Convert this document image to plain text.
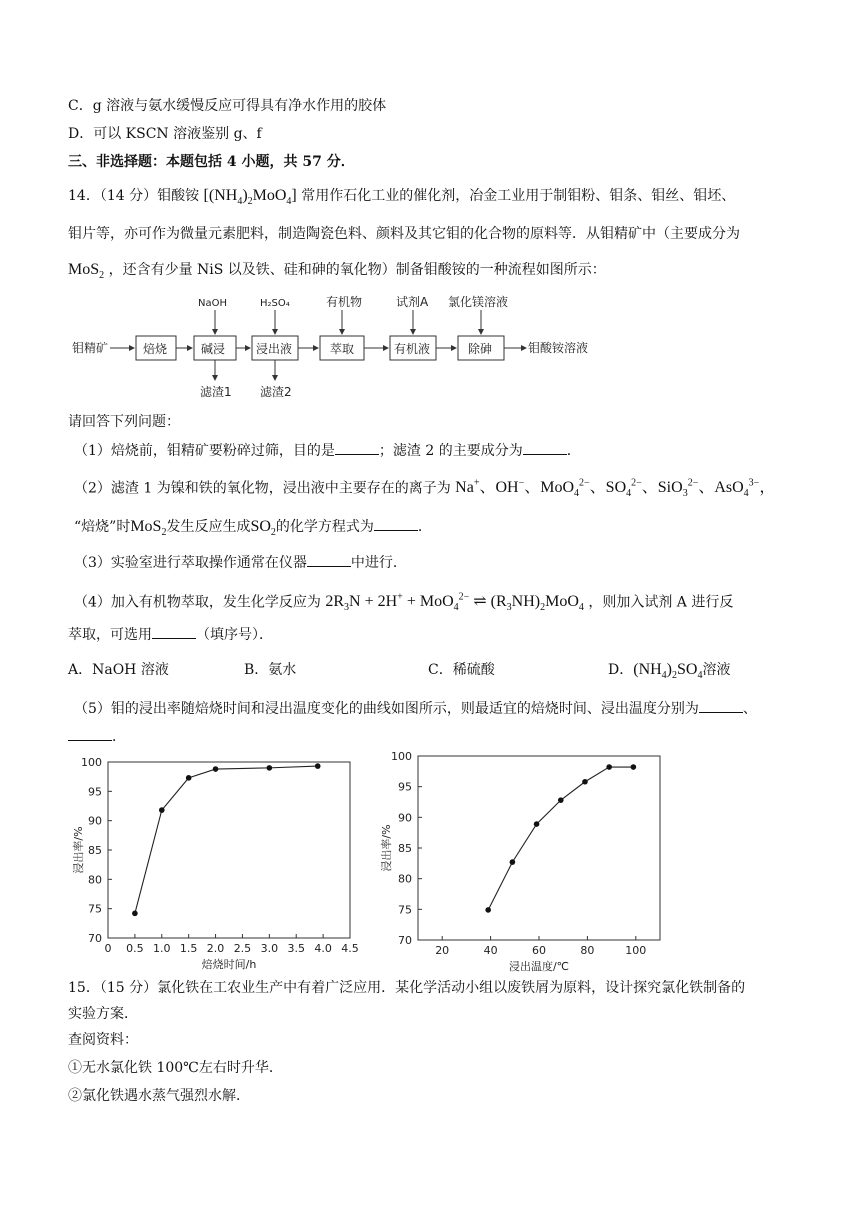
C．g 溶液与氨水缓慢反应可得具有净水作用的胶体
D．可以 KSCN 溶液鉴别 g、f
三、非选择题：本题包括 4 小题，共 57 分．
14．（14 分）钼酸铵 $[(NH_4)_2MoO_4]$ 常用作石化工业的催化剂，冶金工业用于制钼粉、钼条、钼丝、钼坯、
钼片等，亦可作为微量元素肥料，制造陶瓷色料、颜料及其它钼的化合物的原料等．从钼精矿中（主要成分为
MoS$_2$ ，还含有少量 NiS 以及铁、硅和砷的氧化物）制备钼酸铵的一种流程如图所示：
钼精矿	焙烧	碱浸	浸出液	萃取	有机液	除砷	钼酸铵溶液
NaOH	H₂SO₄	有机物	试剂A 氯化镁溶液
滤渣1 滤渣2
请回答下列问题：
（1）焙烧前，钼精矿要粉碎过筛，目的是	；滤渣 2 的主要成分为	．
（2）滤渣 1 为镍和铁的氧化物，浸出液中主要存在的离子为 Na+、OH−、MoO$_4^{2-}$、$SO_4^{2-}$、SiO$_3^{2-}$、AsO$_4^{3-}$，
“焙烧”时MoS$_2$发生反应生成$SO_2$的化学方程式为	．
（3）实验室进行萃取操作通常在仪器	中进行．
（4）加入有机物萃取，发生化学反应为 $2R_3N + 2H^+ + MoO_4^{2-}$ ⇌ $(R_3NH)_2MoO_4$ ，则加入试剂 A 进行反
萃取，可选用	（填序号）．
A．NaOH 溶液	B．氨水	C．稀硫酸	D．$(NH_4)_2SO_4$溶液
（5）钼的浸出率随焙烧时间和浸出温度变化的曲线如图所示，则最适宜的焙烧时间、浸出温度分别为	、
．
70
75
80
85
90
95
100
0 0.5 1.0 1.5 2.0 2.5 3.0 3.5 4.0 4.5
焙烧时间/h
浸出率/%
70
75
80
85
90
95
100
20	40	60	80	100
浸出温度/℃
浸出率/%
15．（15 分）氯化铁在工农业生产中有着广泛应用．某化学活动小组以废铁屑为原料，设计探究氯化铁制备的
实验方案．
查阅资料：
①无水氯化铁 100℃左右时升华．
②氯化铁遇水蒸气强烈水解．
